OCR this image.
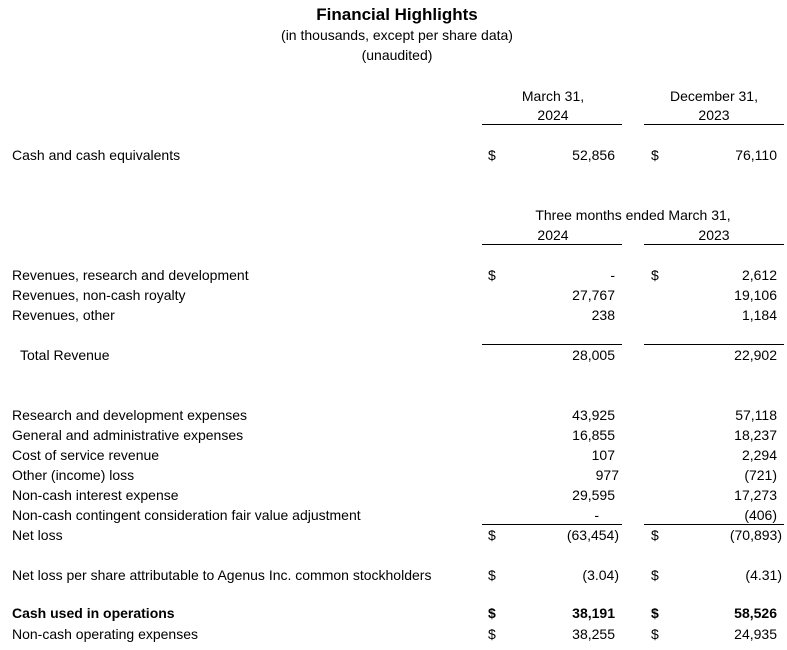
Financial Highlights
(in thousands, except per share data)
(unaudited)
March 31,
2024
December 31,
2023
Cash and cash equivalents	$	52,856	$	76,110
Three months ended March 31,
2024	2023
Revenues, research and development	$	-	$	2,612
Revenues, non-cash royalty	27,767	19,106
Revenues, other	238	1,184
Total Revenue	28,005	22,902
Research and development expenses	43,925	57,118
General and administrative expenses	16,855	18,237
Cost of service revenue	107	2,294
Other (income) loss	977	(721)
Non-cash interest expense	29,595	17,273
Non-cash contingent consideration fair value adjustment	-	(406)
Net loss	$	(63,454) $	(70,893)
Net loss per share attributable to Agenus Inc. common stockholders	$	(3.04) $	(4.31)
Cash used in operations	$	38,191	$	58,526
Non-cash operating expenses	$	38,255	$	24,935
